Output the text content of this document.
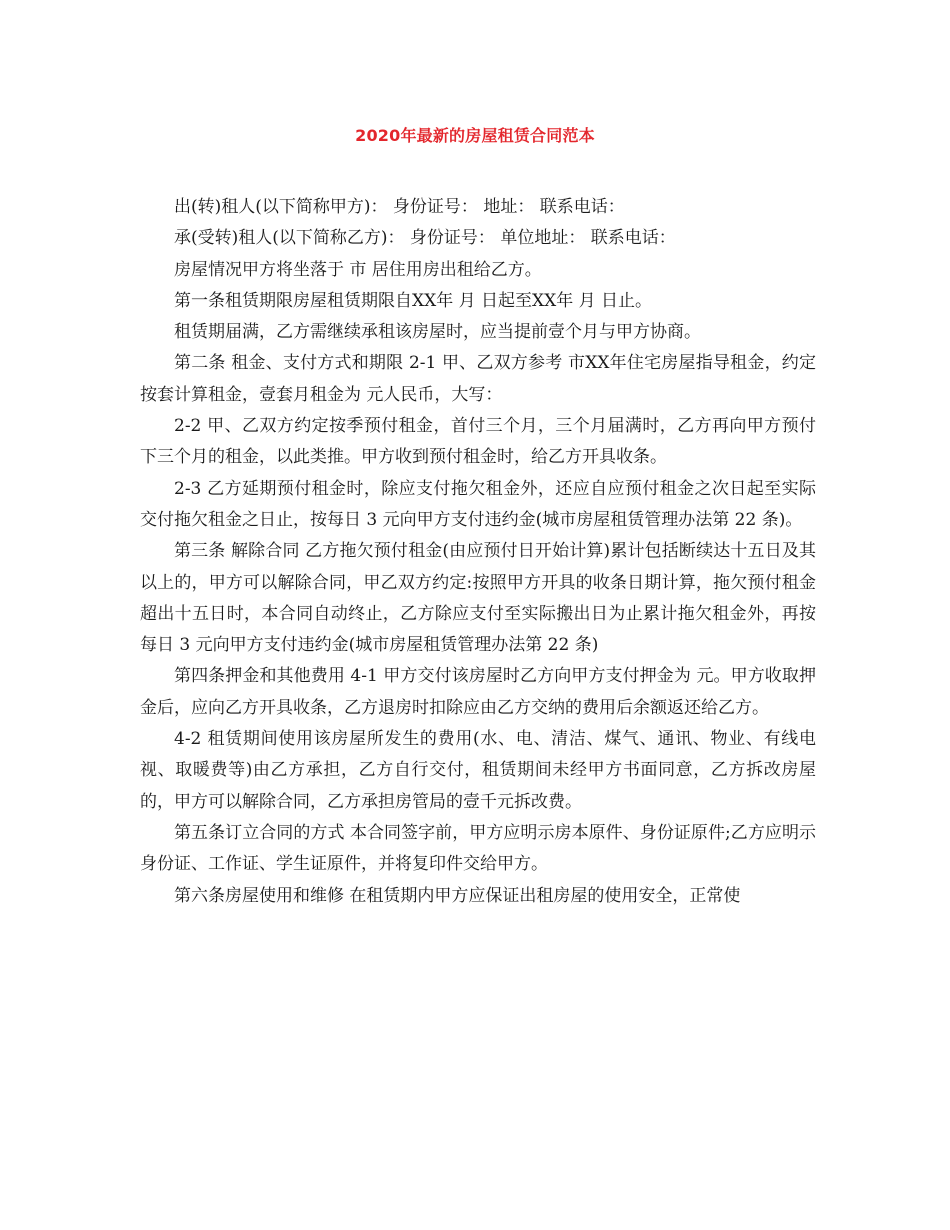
2020年最新的房屋租赁合同范本

出(转)租人(以下简称甲方)： 身份证号： 地址： 联系电话：

承(受转)租人(以下简称乙方)： 身份证号： 单位地址： 联系电话：

房屋情况甲方将坐落于 市 居住用房出租给乙方。

第一条租赁期限房屋租赁期限自XX年 月 日起至XX年 月 日止。

租赁期届满，乙方需继续承租该房屋时，应当提前壹个月与甲方协商。

第二条 租金、支付方式和期限 2-1 甲、乙双方参考 市XX年住宅房屋指导租金，约定按套计算租金，壹套月租金为 元人民币，大写：

2-2 甲、乙双方约定按季预付租金，首付三个月，三个月届满时，乙方再向甲方预付下三个月的租金，以此类推。甲方收到预付租金时，给乙方开具收条。

2-3 乙方延期预付租金时，除应支付拖欠租金外，还应自应预付租金之次日起至实际交付拖欠租金之日止，按每日 3 元向甲方支付违约金(城市房屋租赁管理办法第 22 条)。

第三条 解除合同 乙方拖欠预付租金(由应预付日开始计算)累计包括断续达十五日及其以上的，甲方可以解除合同，甲乙双方约定:按照甲方开具的收条日期计算，拖欠预付租金超出十五日时，本合同自动终止，乙方除应支付至实际搬出日为止累计拖欠租金外，再按每日 3 元向甲方支付违约金(城市房屋租赁管理办法第 22 条)

第四条押金和其他费用 4-1 甲方交付该房屋时乙方向甲方支付押金为 元。甲方收取押金后，应向乙方开具收条，乙方退房时扣除应由乙方交纳的费用后余额返还给乙方。

4-2 租赁期间使用该房屋所发生的费用(水、电、清洁、煤气、通讯、物业、有线电视、取暖费等)由乙方承担，乙方自行交付，租赁期间未经甲方书面同意，乙方拆改房屋的，甲方可以解除合同，乙方承担房管局的壹千元拆改费。

第五条订立合同的方式 本合同签字前，甲方应明示房本原件、身份证原件;乙方应明示身份证、工作证、学生证原件，并将复印件交给甲方。

第六条房屋使用和维修 在租赁期内甲方应保证出租房屋的使用安全，正常使
